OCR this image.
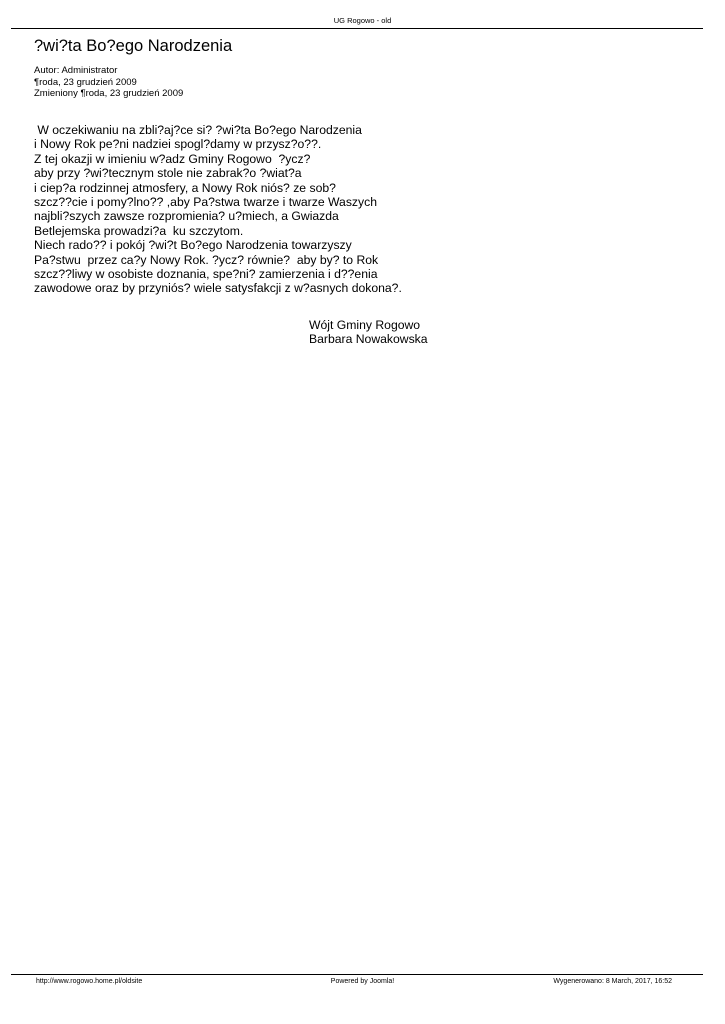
UG Rogowo - old
?wi?ta Bo?ego Narodzenia
Autor: Administrator
¶roda, 23 grudzień 2009
Zmieniony ¶roda, 23 grudzień 2009
W oczekiwaniu na zbli?aj?ce si? ?wi?ta Bo?ego Narodzenia
i Nowy Rok pe?ni nadziei spogl?damy w przysz?o??.
Z tej okazji w imieniu w?adz Gminy Rogowo  ?ycz?
aby przy ?wi?tecznym stole nie zabrak?o ?wiat?a
i ciep?a rodzinnej atmosfery, a Nowy Rok niós? ze sob?
szcz??cie i pomy?lno?? ,aby Pa?stwa twarze i twarze Waszych
najbli?szych zawsze rozpromienia? u?miech, a Gwiazda
Betlejemska prowadzi?a  ku szczytom.
Niech rado?? i pokój ?wi?t Bo?ego Narodzenia towarzyszy
Pa?stwu  przez ca?y Nowy Rok. ?ycz? równie?  aby by? to Rok
szcz??liwy w osobiste doznania, spe?ni? zamierzenia i d??enia
zawodowe oraz by przyniós? wiele satysfakcji z w?asnych dokona?.
Wójt Gminy Rogowo
Barbara Nowakowska
http://www.rogowo.home.pl/oldsite	Powered by Joomla!	Wygenerowano: 8 March, 2017, 16:52
